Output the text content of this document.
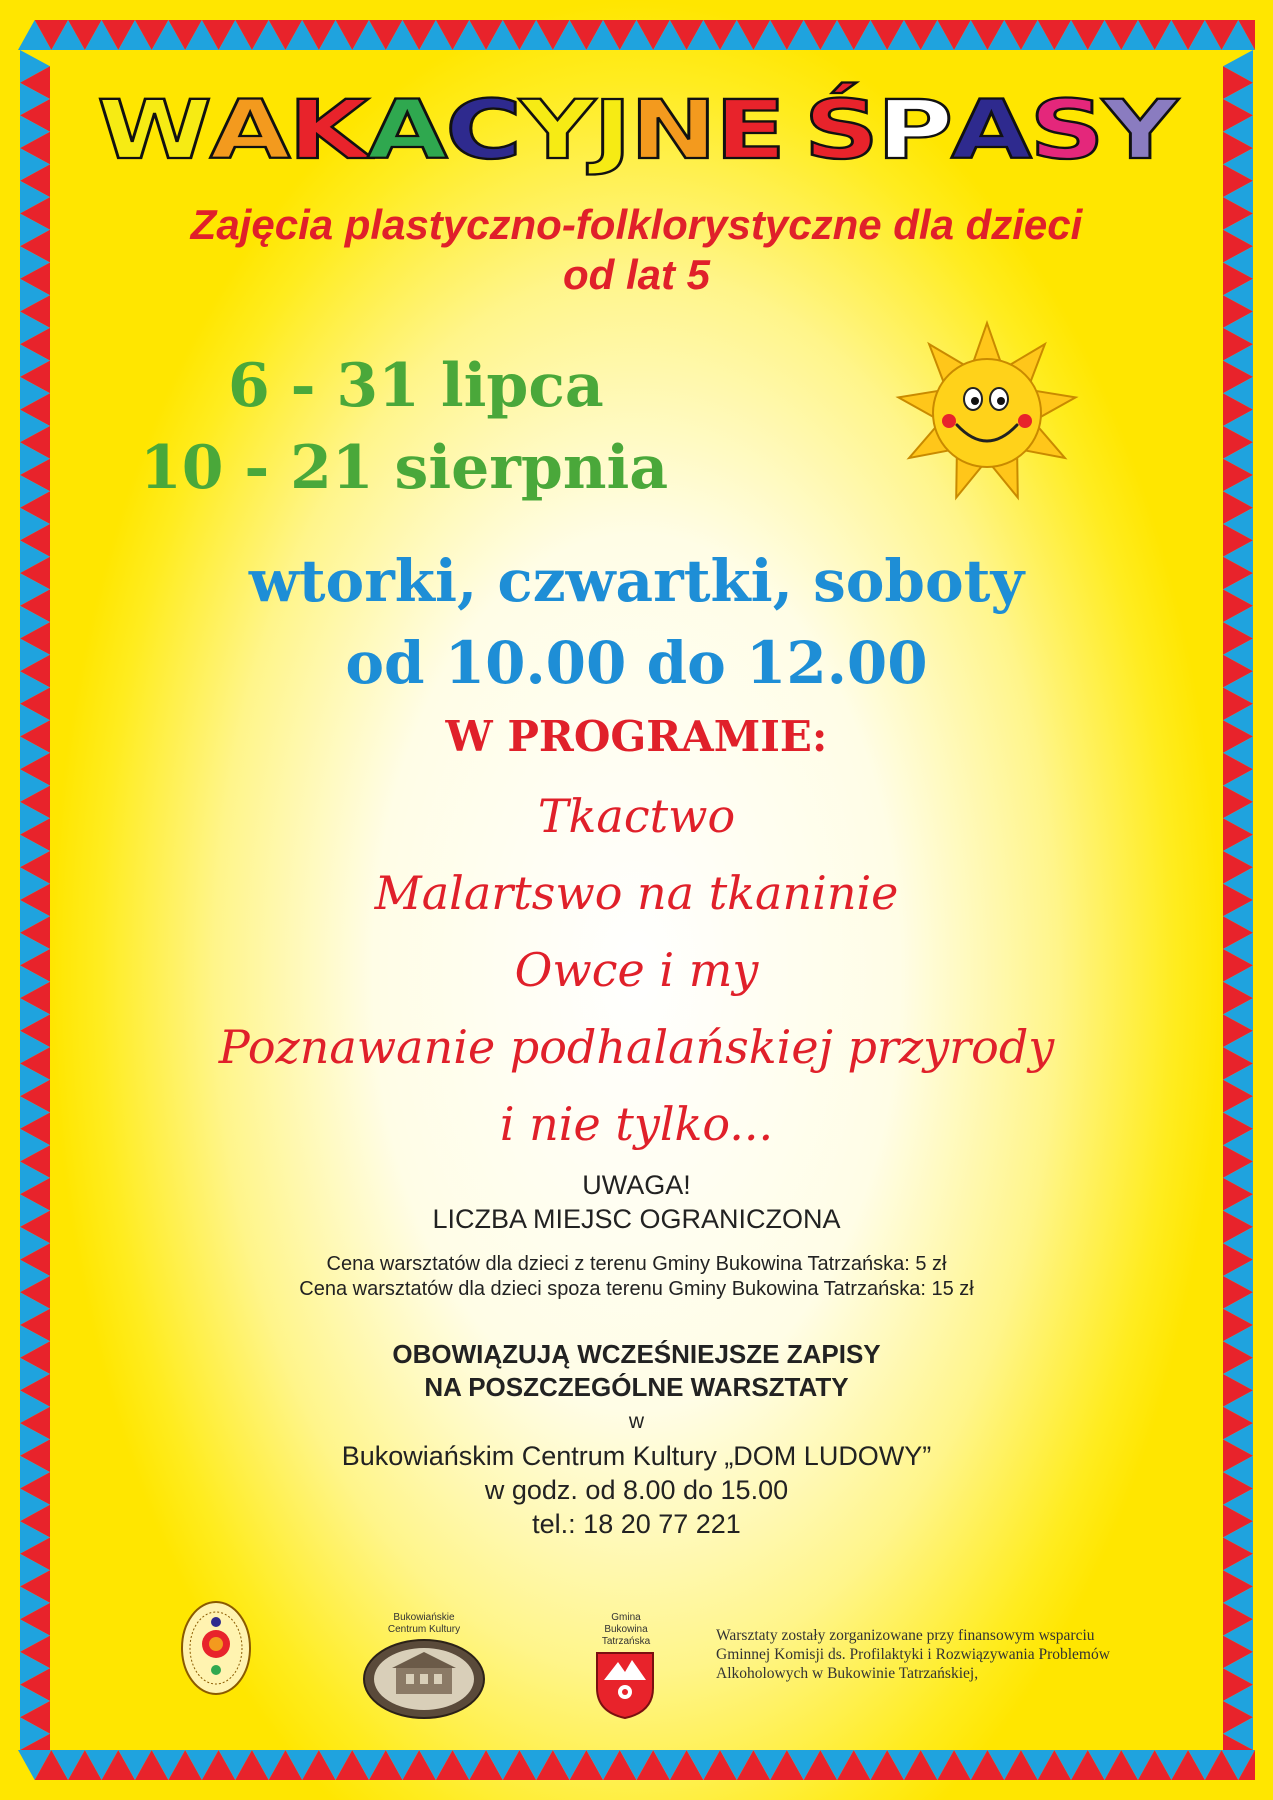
WAKACYJNE ŚPASY
Zajęcia plastyczno-folklorystyczne dla dzieci
od lat 5
6 - 31 lipca
10 - 21 sierpnia
wtorki, czwartki, soboty
od 10.00 do 12.00
W PROGRAMIE:
Tkactwo
Malartswo na tkaninie
Owce i my
Poznawanie podhalańskiej przyrody
i nie tylko...
UWAGA!
LICZBA MIEJSC OGRANICZONA
Cena warsztatów dla dzieci z terenu Gminy Bukowina Tatrzańska: 5 zł
Cena warsztatów dla dzieci spoza terenu Gminy Bukowina Tatrzańska: 15 zł
OBOWIĄZUJĄ WCZEŚNIEJSZE ZAPISY
NA POSZCZEGÓLNE WARSZTATY
w
Bukowiańskim Centrum Kultury „DOM LUDOWY”
w godz. od 8.00 do 15.00
tel.: 18 20 77 221
Bukowiańskie
Centrum Kultury
Gmina
Bukowina
Tatrzańska	Warsztaty zostały zorganizowane przy finansowym wsparciu
Gminnej Komisji ds. Profilaktyki i Rozwiązywania Problemów
Alkoholowych w Bukowinie Tatrzańskiej,
